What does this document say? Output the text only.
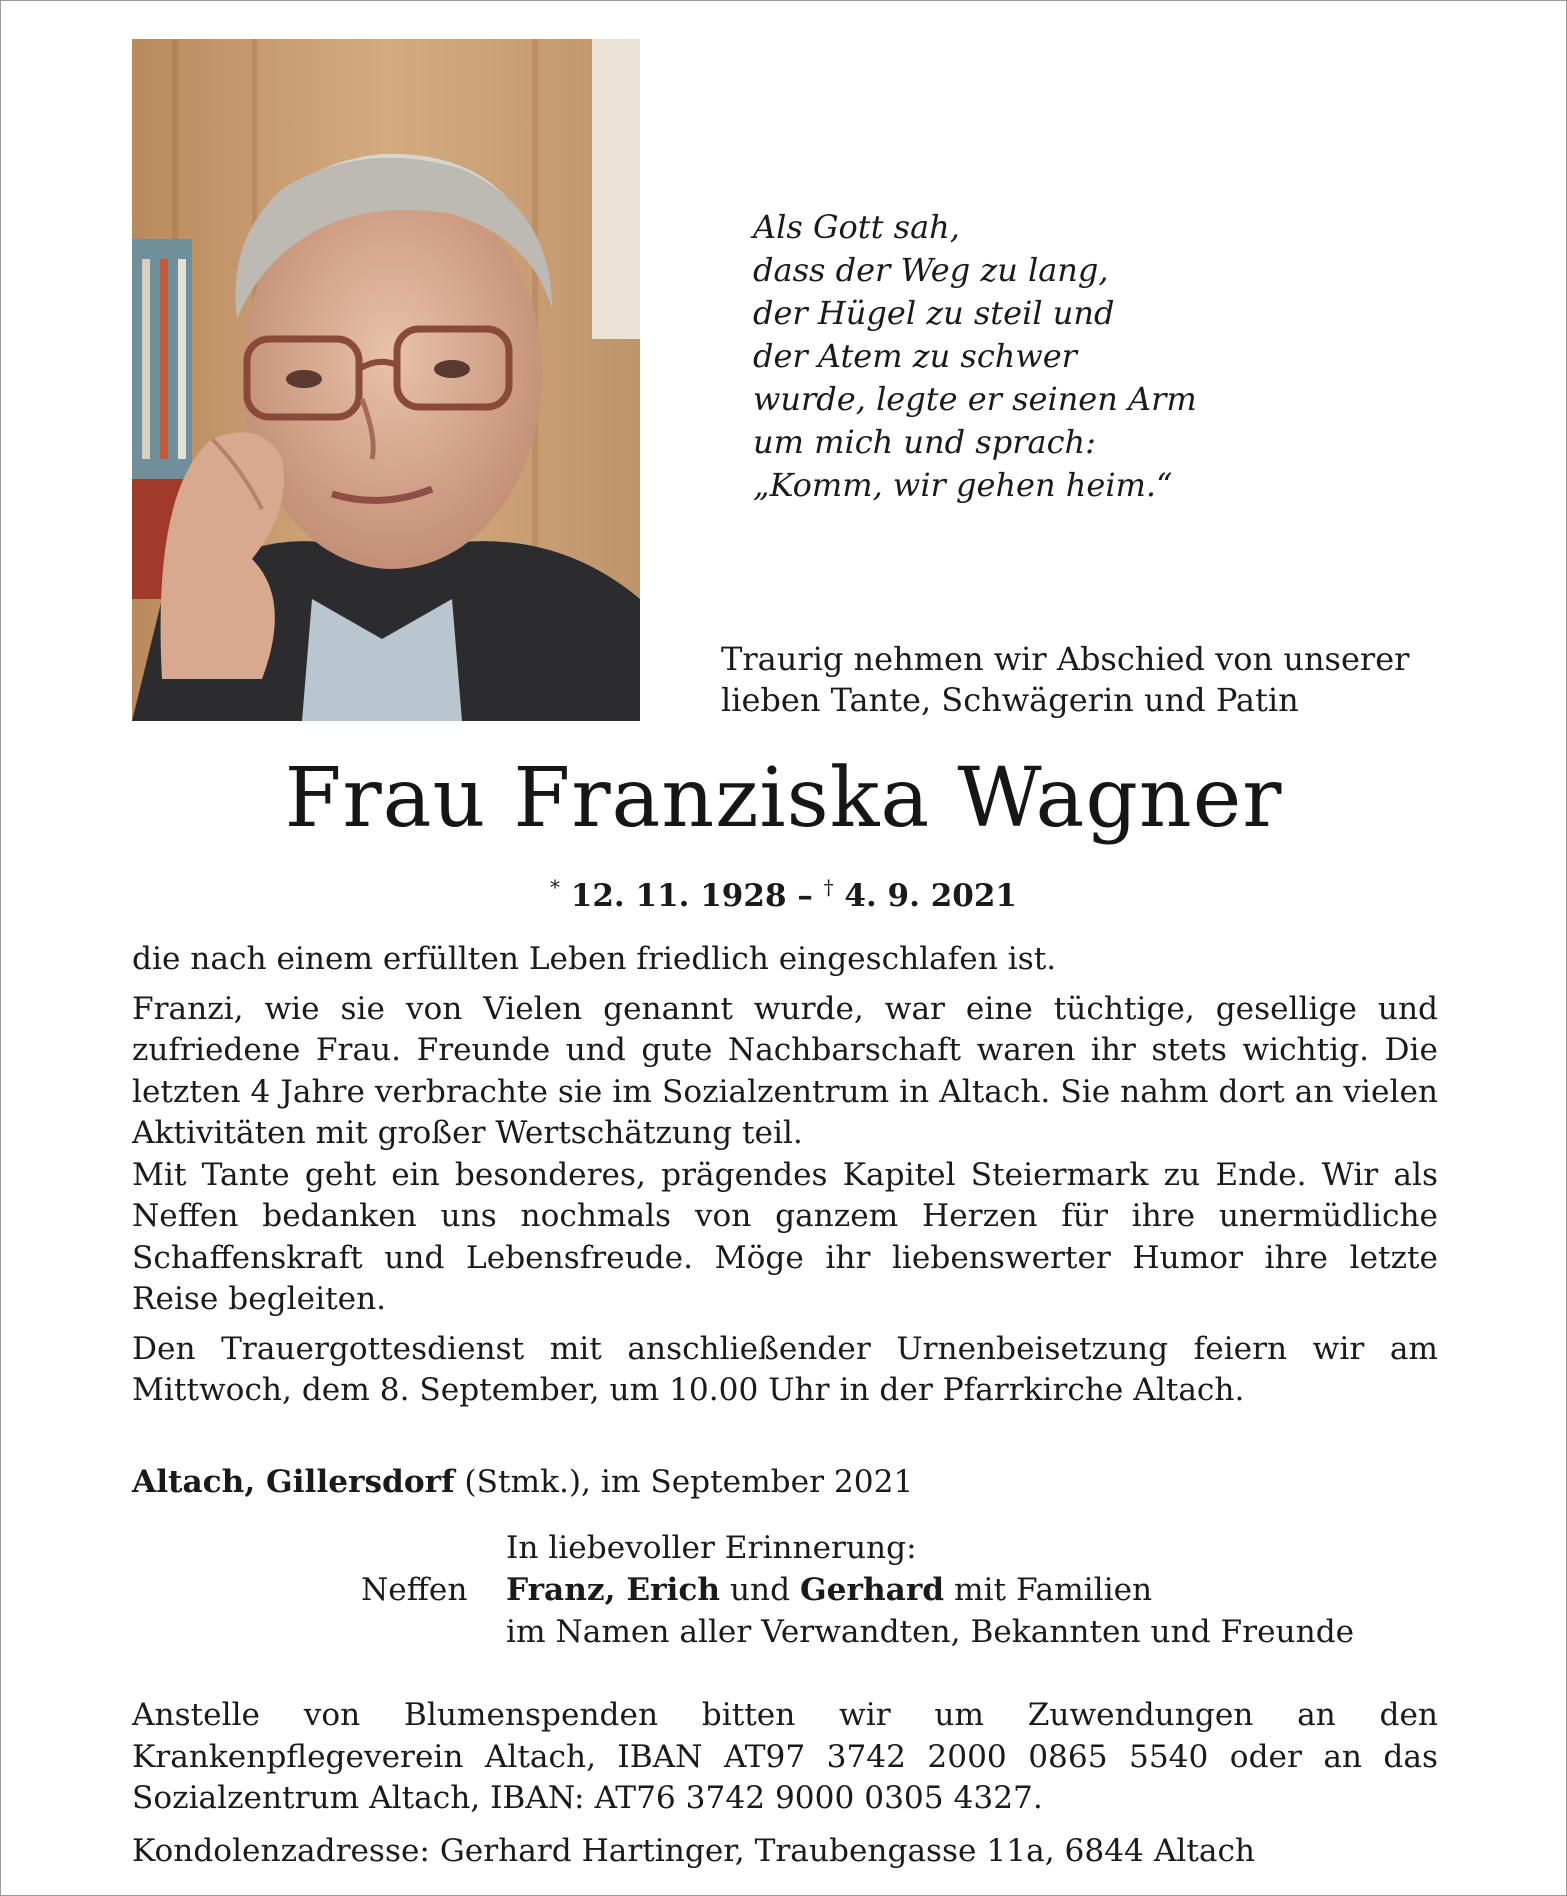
Als Gott sah,
dass der Weg zu lang,
der Hügel zu steil und
der Atem zu schwer
wurde, legte er seinen Arm
um mich und sprach:
„Komm, wir gehen heim.“
Traurig nehmen wir Abschied von unserer
lieben Tante, Schwägerin und Patin
Frau Franziska Wagner
* 12. 11. 1928 – † 4. 9. 2021

die nach einem erfüllten Leben friedlich eingeschlafen ist.

Franzi, wie sie von Vielen genannt wurde, war eine tüchtige, gesellige und zufriedene Frau. Freunde und gute Nachbarschaft waren ihr stets wichtig. Die letzten 4 Jahre verbrachte sie im Sozialzentrum in Altach. Sie nahm dort an vielen Aktivitäten mit großer Wertschätzung teil.

Mit Tante geht ein besonderes, prägendes Kapitel Steiermark zu Ende. Wir als Neffen bedanken uns nochmals von ganzem Herzen für ihre unermüdliche Schaffenskraft und Lebensfreude. Möge ihr liebenswerter Humor ihre letzte Reise begleiten.

Den Trauergottesdienst mit anschließender Urnenbeisetzung feiern wir am Mittwoch, dem 8. September, um 10.00 Uhr in der Pfarrkirche Altach.

Altach, Gillersdorf (Stmk.), im September 2021
In liebevoller Erinnerung:
Franz, Erich und Gerhard mit Familien
im Namen aller Verwandten, Bekannten und Freunde
Neffen

Anstelle von Blumenspenden bitten wir um Zuwendungen an den Krankenpflegeverein Altach, IBAN AT97 3742 2000 0865 5540 oder an das Sozialzentrum Altach, IBAN: AT76 3742 9000 0305 4327.

Kondolenzadresse: Gerhard Hartinger, Traubengasse 11a, 6844 Altach
